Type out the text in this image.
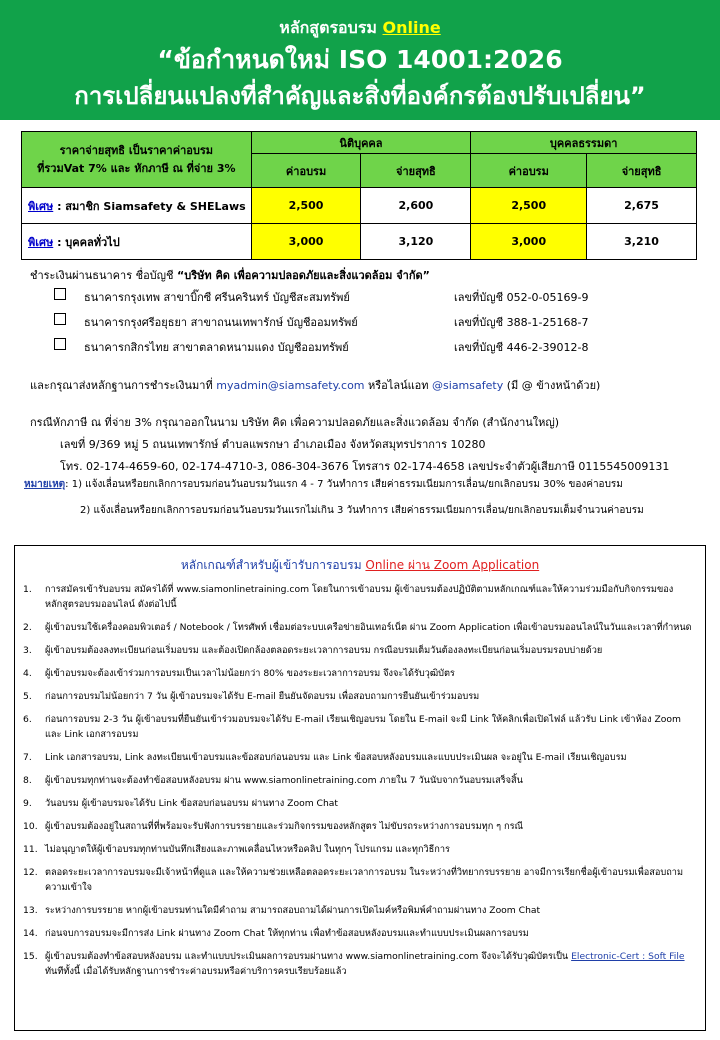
หลักสูตรอบรม Online
“ข้อกำหนดใหม่ ISO 14001:2026
การเปลี่ยนแปลงที่สำคัญและสิ่งที่องค์กรต้องปรับเปลี่ยน”
ราคาจ่ายสุทธิ เป็นราคาค่าอบรม
ที่รวมVat 7% และ หักภาษี ณ ที่จ่าย 3%	นิติบุคคล		บุคคลธรรมดา	
	ค่าอบรม	จ่ายสุทธิ	ค่าอบรม	จ่ายสุทธิ
พิเศษ : สมาชิก Siamsafety & SHELaws	2,500	2,600	2,500	2,675
พิเศษ : บุคคลทั่วไป	3,000	3,120	3,000	3,210
ชำระเงินผ่านธนาคาร ชื่อบัญชี “บริษัท คิด เพื่อความปลอดภัยและสิ่งแวดล้อม จำกัด”
ธนาคารกรุงเทพ สาขาบิ๊กซี ศรีนครินทร์ บัญชีสะสมทรัพย์	เลขที่บัญชี 052-0-05169-9
ธนาคารกรุงศรีอยุธยา สาขาถนนเทพารักษ์ บัญชีออมทรัพย์	เลขที่บัญชี 388-1-25168-7
ธนาคารกสิกรไทย สาขาตลาดหนามแดง บัญชีออมทรัพย์	เลขที่บัญชี 446-2-39012-8
และกรุณาส่งหลักฐานการชำระเงินมาที่ myadmin@siamsafety.com หรือไลน์แอท @siamsafety (มี @ ข้างหน้าด้วย)
กรณีหักภาษี ณ ที่จ่าย 3% กรุณาออกในนาม บริษัท คิด เพื่อความปลอดภัยและสิ่งแวดล้อม จำกัด (สำนักงานใหญ่)
เลขที่ 9/369 หมู่ 5 ถนนเทพารักษ์ ตำบลแพรกษา อำเภอเมือง จังหวัดสมุทรปราการ 10280
โทร. 02-174-4659-60, 02-174-4710-3, 086-304-3676 โทรสาร 02-174-4658 เลขประจำตัวผู้เสียภาษี 0115545009131
หมายเหตุ: 1) แจ้งเลื่อนหรือยกเลิกการอบรมก่อนวันอบรมวันแรก 4 - 7 วันทำการ เสียค่าธรรมเนียมการเลื่อน/ยกเลิกอบรม 30% ของค่าอบรม
2) แจ้งเลื่อนหรือยกเลิกการอบรมก่อนวันอบรมวันแรกไม่เกิน 3 วันทำการ เสียค่าธรรมเนียมการเลื่อน/ยกเลิกอบรมเต็มจำนวนค่าอบรม
หลักเกณฑ์สำหรับผู้เข้ารับการอบรม Online ผ่าน Zoom Application
1. การสมัครเข้ารับอบรม สมัครได้ที่ www.siamonlinetraining.com โดยในการเข้าอบรม ผู้เข้าอบรมต้องปฏิบัติตามหลักเกณฑ์และให้ความร่วมมือกับกิจกรรมของหลักสูตรอบรมออนไลน์ ดังต่อไปนี้
2. ผู้เข้าอบรมใช้เครื่องคอมพิวเตอร์ / Notebook / โทรศัพท์ เชื่อมต่อระบบเครือข่ายอินเทอร์เน็ต ผ่าน Zoom Application เพื่อเข้าอบรมออนไลน์ในวันและเวลาที่กำหนด
3. ผู้เข้าอบรมต้องลงทะเบียนก่อนเริ่มอบรม และต้องเปิดกล้องตลอดระยะเวลาการอบรม กรณีอบรมเต็มวันต้องลงทะเบียนก่อนเริ่มอบรมรอบบ่ายด้วย
4. ผู้เข้าอบรมจะต้องเข้าร่วมการอบรมเป็นเวลาไม่น้อยกว่า 80% ของระยะเวลาการอบรม จึงจะได้รับวุฒิบัตร
5. ก่อนการอบรมไม่น้อยกว่า 7 วัน ผู้เข้าอบรมจะได้รับ E-mail ยืนยันจัดอบรม เพื่อสอบถามการยืนยันเข้าร่วมอบรม
6. ก่อนการอบรม 2-3 วัน ผู้เข้าอบรมที่ยืนยันเข้าร่วมอบรมจะได้รับ E-mail เรียนเชิญอบรม โดยใน E-mail จะมี Link ให้คลิกเพื่อเปิดไฟล์ แล้วรับ Link เข้าห้อง Zoom และ Link เอกสารอบรม
7. Link เอกสารอบรม, Link ลงทะเบียนเข้าอบรมและข้อสอบก่อนอบรม และ Link ข้อสอบหลังอบรมและแบบประเมินผล จะอยู่ใน E-mail เรียนเชิญอบรม
8. ผู้เข้าอบรมทุกท่านจะต้องทำข้อสอบหลังอบรม ผ่าน www.siamonlinetraining.com ภายใน 7 วันนับจากวันอบรมเสร็จสิ้น
9. วันอบรม ผู้เข้าอบรมจะได้รับ Link ข้อสอบก่อนอบรม ผ่านทาง Zoom Chat
10. ผู้เข้าอบรมต้องอยู่ในสถานที่ที่พร้อมจะรับฟังการบรรยายและร่วมกิจกรรมของหลักสูตร ไม่ขับรถระหว่างการอบรมทุก ๆ กรณี
11. ไม่อนุญาตให้ผู้เข้าอบรมทุกท่านบันทึกเสียงและภาพเคลื่อนไหวหรือคลิป ในทุกๆ โปรแกรม และทุกวิธีการ
12. ตลอดระยะเวลาการอบรมจะมีเจ้าหน้าที่ดูแล และให้ความช่วยเหลือตลอดระยะเวลาการอบรม ในระหว่างที่วิทยากรบรรยาย อาจมีการเรียกชื่อผู้เข้าอบรมเพื่อสอบถามความเข้าใจ
13. ระหว่างการบรรยาย หากผู้เข้าอบรมท่านใดมีคำถาม สามารถสอบถามได้ผ่านการเปิดไมค์หรือพิมพ์คำถามผ่านทาง Zoom Chat
14. ก่อนจบการอบรมจะมีการส่ง Link ผ่านทาง Zoom Chat ให้ทุกท่าน เพื่อทำข้อสอบหลังอบรมและทำแบบประเมินผลการอบรม
15. ผู้เข้าอบรมต้องทำข้อสอบหลังอบรม และทำแบบประเมินผลการอบรมผ่านทาง www.siamonlinetraining.com จึงจะได้รับวุฒิบัตรเป็น Electronic-Cert : Soft File ทันทีทั้งนี้ เมื่อได้รับหลักฐานการชำระค่าอบรมหรือค่าบริการครบเรียบร้อยแล้ว
